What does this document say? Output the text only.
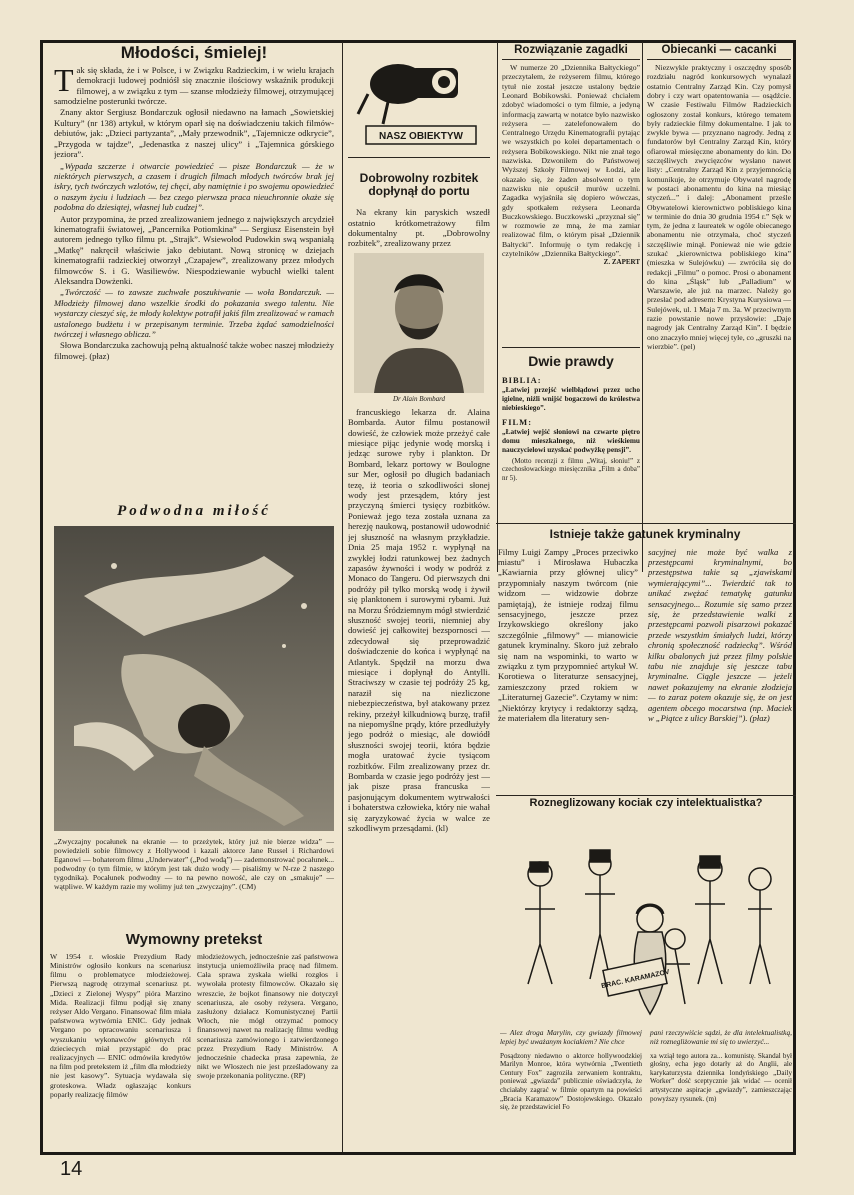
Młodości, śmielej!

Tak się składa, że i w Polsce, i w Związku Radzieckim, i w wielu krajach demokracji ludowej podnióśł się znacznie ilościowy wskaźnik produkcji filmowej, a w związku z tym — szanse młodzieży filmowej, otrzymującej samodzielne posterunki twórcze.

Znany aktor Sergiusz Bondarczuk ogłosił niedawno na łamach „Sowietskiej Kultury” (nr 138) artykuł, w którym oparł się na doświadczeniu takich filmów-debiutów, jak: „Dzieci partyzanta”, „Mały przewodnik”, „Tajemnicze odkrycie”, „Przygoda w tajdze”, „Jedenastka z naszej ulicy” i „Tajemnica górskiego jeziora”.

„Wypada szczerze i otwarcie powiedzieć — pisze Bondarczuk — że w niektórych pierwszych, a czasem i drugich filmach młodych twórców brak jej iskry, tych twórczych wzlotów, tej chęci, aby namiętnie i po swojemu opowiedzieć o naszym życiu i ludziach — bez czego pierwsza praca nieuchronnie okaże się podobna do dziesiątej, własnej lub cudzej”.

Autor przypomina, że przed zrealizowaniem jednego z największych arcydzieł kinematografii światowej, „Pancernika Potiomkina” — Sergiusz Eisenstein był autorem jednego tylko filmu pt. „Strajk”. Wsiewołod Pudowkin swą wspaniałą „Matkę” nakręcił właściwie jako debiutant. Nową stronicę w dziejach kinematografii radzieckiej otworzył „Czapajew”, zrealizowany przez młodych filmowców S. i G. Wasiliewów. Niespodziewanie wybuchł wielki talent Aleksandra Dowżenki.

„Twórczość — to zawsze zuchwałe poszukiwanie — woła Bondarczuk. — Młodzieży filmowej dano wszelkie środki do pokazania swego talentu. Nie wystarczy cieszyć się, że młody kolektyw potrafił jakiś film zrealizować w ramach ustalonego budżetu i w przepisanym terminie. Trzeba żądać samodzielności twórczej i własnego oblicza.”

Słowa Bondarczuka zachowują pełną aktualność także wobec naszej młodzieży filmowej. (płaz)

Podwodna miłość
„Zwyczajny pocałunek na ekranie — to przeżytek, który już nie bierze widza” — powiedzieli sobie filmowcy z Hollywood i kazali aktorce Jane Russel i Richardowi Eganowi — bohaterom filmu „Underwater” („Pod wodą”) — zademonstrować pocałunek... podwodny (o tym filmie, w którym jest tak dużo wody — pisaliśmy w N-rze 2 naszego tygodnika). Pocałunek podwodny — to na pewno nowość, ale czy on „smakuje” — wątpliwe. W każdym razie my wolimy już ten „zwyczajny”. (CM)
Wymowny pretekst
W 1954 r. włoskie Prezydium Rady Ministrów ogłosiło konkurs na scenariusz filmu o problematyce młodzieżowej. Pierwszą nagrodę otrzymał scenariusz pt. „Dzieci z Zielonej Wyspy” pióra Marzino Mida. Realizacji filmu podjął się znany reżyser Aldo Vergano. Finansować film miała państwowa wytwórnia ENIC. Gdy jednak Vergano po opracowaniu scenariusza i wyszukaniu wykonawców głównych ról dzieciecych miał przystąpić do prac realizacyjnych — ENIC odmówiła kredytów na film pod pretekstem iż „film dla młodzieży nie jest kasowy”. Sytuacja wydawała się groteskowa. Władz ogłaszając konkurs poparły realizację filmów
młodzieżowych, jednocześnie zaś państwowa instytucja uniemożliwiła pracę nad filmem. Cała sprawa zyskała wielki rozgłos i wywołała protesty filmowców. Okazało się wreszcie, że bojkot finansowy nie dotyczył scenariusza, ale osoby reżysera. Vergano, zasłużony działacz Komunistycznej Partii Włoch, nie mógł otrzymać pomocy finansowej nawet na realizację filmu według scenariusza zamówionego i zatwierdzonego przez Prezydium Rady Ministrów. A jednocześnie chadecka prasa zapewnia, że nikt we Włoszech nie jest prześladowany za swoje przekonania polityczne. (RP)
NASZ OBIEKTYW
Dobrowolny rozbitek dopłynął do portu
Na ekrany kin paryskich wszedł ostatnio krótkometrażowy film dokumentalny pt. „Dobrowolny rozbitek”, zrealizowany przez
Dr Alain Bombard
francuskiego lekarza dr. Alaina Bombarda. Autor filmu postanowił dowieść, że człowiek może przeżyć całe miesiące pijąc jedynie wodę morską i jedząc surowe ryby i plankton. Dr Bombard, lekarz portowy w Boulogne sur Mer, ogłosił po długich badaniach tezę, iż teoria o szkodliwości słonej wody jest przesądem, który jest przyczyną śmierci tysięcy rozbitków. Ponieważ jego teza została uznana za herezję naukową, postanowił udowodnić jej słuszność na własnym przykładzie. Dnia 25 maja 1952 r. wypłynął na zwykłej łodzi ratunkowej bez żadnych zapasów żywności i wody w podróż z Monaco do Tangeru. Od pierwszych dni podróży pił tylko morską wodę i żywił się planktonem i surowymi rybami. Już na Morzu Śródziemnym mógł stwierdzić słuszność swojej teorii, niemniej aby dowieść jej całkowitej bezspornosci — zdecydował się przeprowadzić doświadczenie do końca i wypłynąć na Atlantyk. Spędził na morzu dwa miesiące i dopłynął do Antylli. Straciwszy w czasie tej podróży 25 kg, naraził się na niezliczone niebezpieczeństwa, był atakowany przez rekiny, przeżył kilkudniową burzę, trafił na niepomyślne prądy, które przedłużyły jego podróż o miesiąc, ale dowiódł słuszności swojej teorii, która będzie mogła uratować życie tysiącom rozbitków. Film zrealizowany przez dr. Bombarda w czasie jego podróży jest — jak pisze prasa francuska — pasjonującym dokumentem wytrwałości i bohaterstwa człowieka, który nie wahał się zaryzykować życia w walce ze szkodliwym przesądami. (kl)
Rozwiązanie zagadki
W numerze 20 „Dziennika Bałtyckiego” przeczytałem, że reżyserem filmu, którego tytuł nie został jeszcze ustalony będzie Leonard Bobikowski. Ponieważ chciałem zdobyć wiadomości o tym filmie, a jedyną informacją zawartą w notatce było nazwisko reżysera — zatelefonowałem do Centralnego Urzędu Kinematografii pytając we wszystkich po kolei departamentach o reżysera Bobikowskiego. Nikt nie znał tego nazwiska. Dzwoniłem do Państwowej Wyższej Szkoły Filmowej w Łodzi, ale okazało się, że żaden absolwent o tym nazwisku nie opuścił murów uczelni. Zagadka wyjaśniła się dopiero wówczas, gdy spotkałem reżysera Leonarda Buczkowskiego. Buczkowski „przyznał się” w rozmowie ze mną, że ma zamiar realizować film, o którym pisał „Dziennik Bałtycki”. Informuję o tym redakcję i czytelników „Dziennika Bałtyckiego”.
Z. ZAPERT
Dwie prawdy
BIBLIA:
„Łatwiej przejść wielbłądowi przez ucho igielne, niźli wnijść bogaczowi do królestwa niebieskiego”.
FILM:
„Łatwiej wejść słoniowi na czwarte piętro domu mieszkalnego, niż wieśkiemu nauczycielowi uzyskać podwyżkę pensji”.
(Motto recenzji z filmu „Witaj, słoniu!” z czechosłowackiego miesięcznika „Film a doba” nr 5).
Obiecanki — cacanki
Niezwykle praktyczny i oszczędny sposób rozdziału nagród konkursowych wynalazł ostatnio Centralny Zarząd Kin. Czy pomysł dobry i czy wart opatentowania — osądźcie. W czasie Festiwalu Filmów Radzieckich ogłoszony został konkurs, którego tematem były radzieckie filmy dokumentalne. I jak to zwykle bywa — przyznano nagrody. Jedną z fundatorów był Centralny Zarząd Kin, który ofiarował miesięczne abonamenty do kin. Do szczęśliwych zwycięzców wysłano nawet listy: „Centralny Zarząd Kin z przyjemnością komunikuje, że otrzymuje Obywatel nagrodę w postaci abonamentu do kina na miesiąc styczeń...” i dalej: „Abonament prześle Obywatelowi kierownictwo pobliskiego kina w terminie do dnia 30 grudnia 1954 r.” Sęk w tym, że jedna z laureatek w ogóle obiecanego abonamentu nie otrzymała, choć styczeń szczęśliwie minął. Ponieważ nie wie gdzie szukać „kierownictwa pobliskiego kina” (mieszka w Sulejówku) — zwróciła się do redakcji „Filmu” o pomoc. Prosi o abonament do kina „Śląsk” lub „Palladium” w Warszawie, ale już na marzec. Należy go przesłać pod adresem: Krystyna Kurysiowa — Sulejówek, ul. 1 Maja 7 m. 3a. W przeciwnym razie powstanie nowe przysłowie: „Daje nagrody jak Centralny Zarząd Kin”. I będzie ono znaczyło mniej więcej tyle, co „gruszki na wierzbie”. (pel)
Istnieje także gatunek kryminalny
Filmy Luigi Zampy „Proces przeciwko miastu” i Mirosława Hubaczka „Kawiarnia przy głównej ulicy” przypomniały naszym twórcom (nie widzom — widzowie dobrze pamiętają), że istnieje rodzaj filmu sensacyjnego, jeszcze przez Irzykowskiego określony jako szczególnie „filmowy” — mianowicie gatunek kryminalny. Skoro już zebrało się nam na wspominki, to warto w związku z tym przypomnieć artykuł W. Korotiewa o literaturze sensacyjnej, zamieszczony przed rokiem w „Literaturnej Gazecie”. Czytamy w nim: „Niektórzy krytycy i redaktorzy sądzą, że materiałem dla literatury sen-
sacyjnej nie może być walka z przestępcami kryminalnymi, bo przestępstwa takie są „zjawiskami wymierającymi”... Twierdzić tak to unikać zwężać tematykę gatunku sensacyjnego... Rozumie się samo przez się, że przedstawienie walki z przestępcami pozwoli pisarzowi pokazać przede wszystkim śmiałych ludzi, którzy chronią społeczność radziecką”. Wśród kilku obalonych już przez filmy polskie tabu nie znajduje się jeszcze tabu kryminalne. Ciągle jeszcze — jeżeli nawet pokazujemy na ekranie złodzieja — to zaraz potem okazuje się, że on jest agentem obcego mocarstwa (np. Maciek w „Piątce z ulicy Barskiej”). (płaz)
Rozneglizowany kociak czy intelektualistka?
BRAC. KARAMAZOV
— Alez droga Marylin, czy gwiazdy filmowej lepiej być uważanym kociakiem? Nie chce
pani rzeczywiście sądzi, że dla intelektualistką, niż roznegliżowanie mi się to uwierzyć...
Posądzony niedawno o aktorce hollywoodzkiej Marilyn Monroe, która wytwórnia „Twentieth Century Fox” zagroziła zerwaniem kontraktu, ponieważ „gwiazda” publicznie oświadczyła, że chciałaby zagrać w filmie opartym na powieści „Bracia Karamazow” Dostojewskiego. Okazało się, że przedstawiciel Fo
xa wziął tego autora za... komunistę. Skandal był głośny, echa jego dotarły aż do Anglii, ale karykaturzysta dziennika londyńskiego „Daily Worker” dość sceptycznie jak widać — ocenił artystyczne aspiracje „gwiazdy”, zamieszczając powyższy rysunek. (m)
14
